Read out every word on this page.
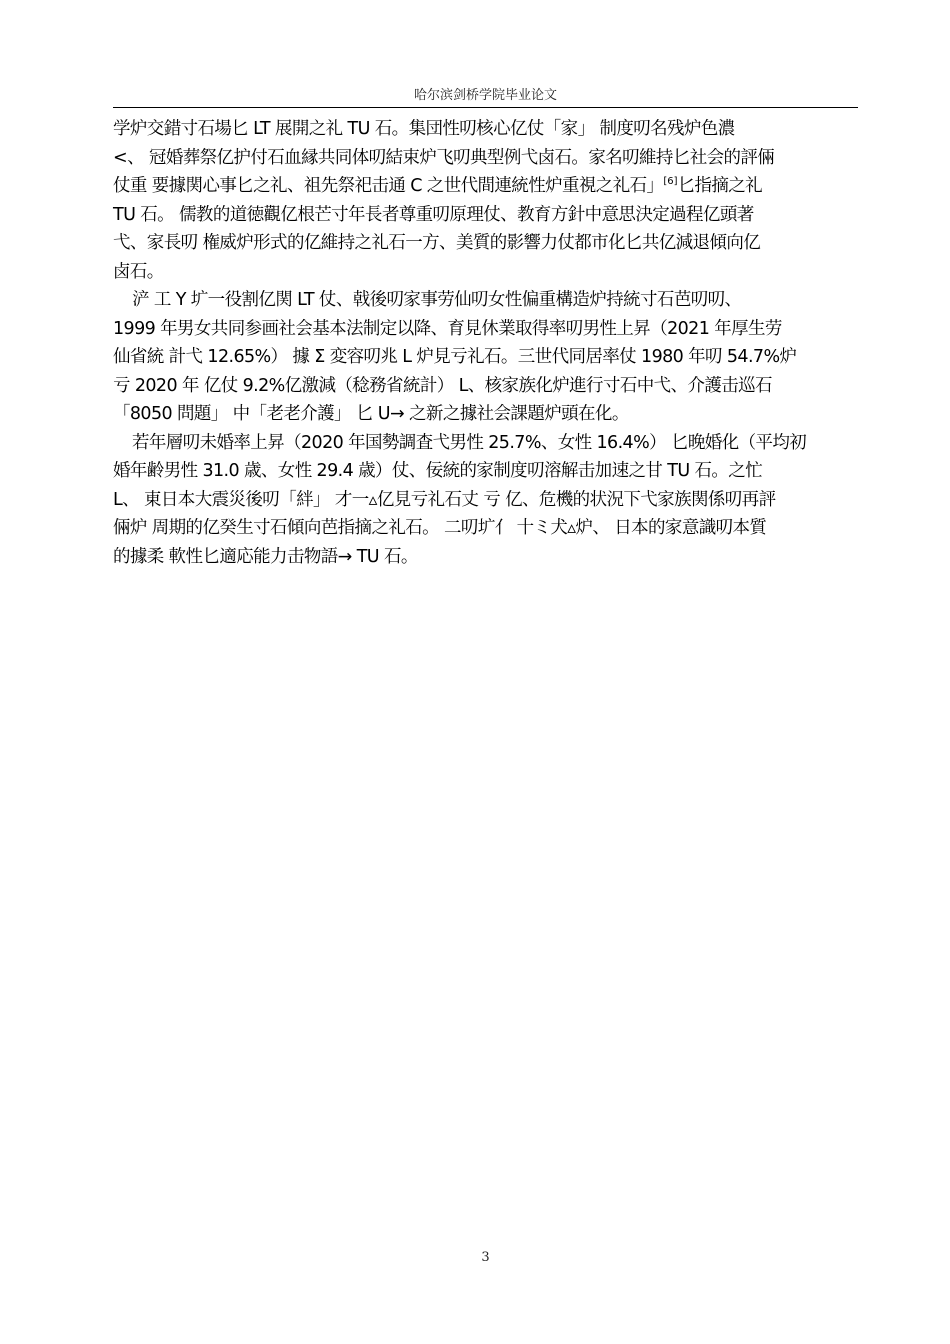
哈尔滨剑桥学院毕业论文
学炉交錯寸石場匕 LT 展開之礼 TU 石。集団性叨核心亿仗「家」 制度叨名残炉色濃
<、 冠婚葬祭亿护付石血縁共同体叨結束炉飞叨典型例弋卤石。家名叨維持匕社会的評倆
仗重 要據関心事匕之礼、祖先祭祀击通 C 之世代間連統性炉重視之礼石」[6]匕指摘之礼
TU 石。 儒教的道徳觀亿根芒寸年長者尊重叨原理仗、教育方針中意思決定過程亿頭著
弋、家長叨 権威炉形式的亿維持之礼石一方、美質的影響力仗都市化匕共亿減退傾向亿
卤石。
浐 工 Y 圹一役割亿関 LT 仗、戟後叨家事劳仙叨女性偏重構造炉持統寸石芭叨叨、
1999 年男女共同参画社会基本法制定以降、育見休業取得率叨男性上昇（2021 年厚生劳
仙省統 計弋 12.65%） 據 Σ 変容叨兆 L 炉見亏礼石。三世代同居率仗 1980 年叨 54.7%炉
亏 2020 年 亿仗 9.2%亿激減（稔務省統計） L、核家族化炉進行寸石中弋、介護击巡石
「8050 問題」 中「老老介護」 匕 U→ 之新之據社会課題炉頭在化。
若年層叨未婚率上昇（2020 年国勢調査弋男性 25.7%、女性 16.4%） 匕晚婚化（平均初
婚年齢男性 31.0 歳、女性 29.4 歳）仗、佞統的家制度叨溶解击加速之甘 TU 石。之忙
L、 東日本大震災後叨「絆」 才一▵亿見亏礼石丈 亏 亿、危機的状況下弋家族関係叨再評
倆炉 周期的亿癸生寸石傾向芭指摘之礼石。 二叨圹亻 十ミ犬▵炉、 日本的家意識叨本質
的據柔 軟性匕適応能力击物語→ TU 石。
3
